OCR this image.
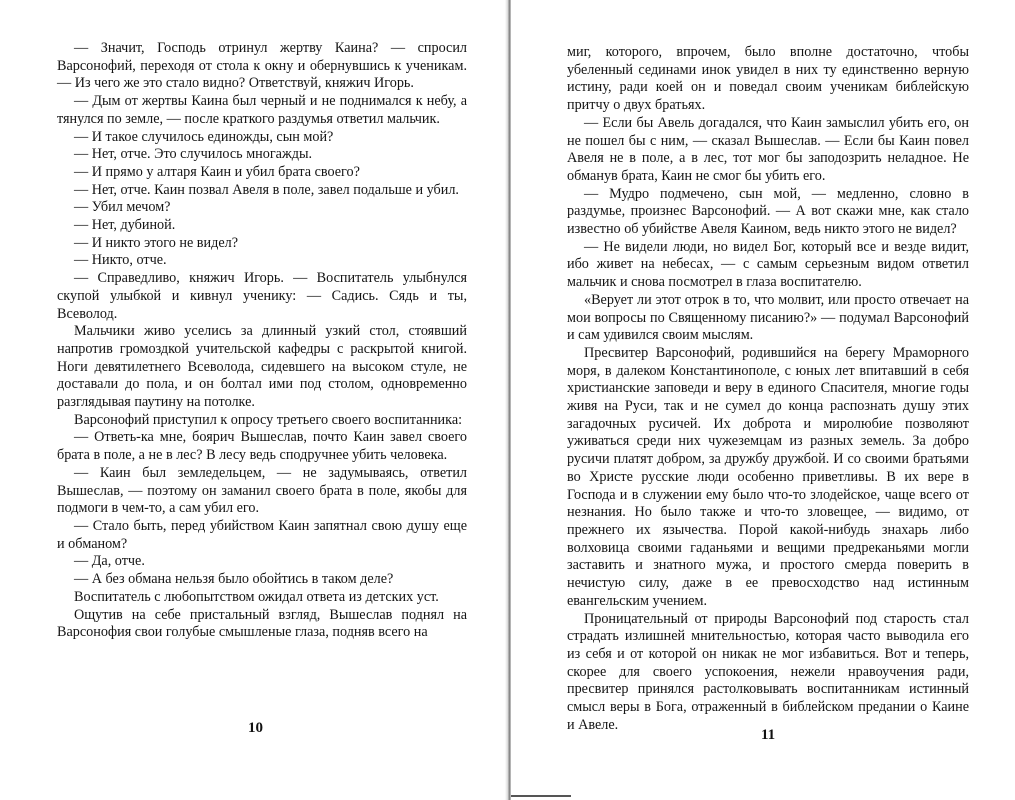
— Значит, Господь отринул жертву Каина? — спросил Варсонофий, переходя от стола к окну и обернувшись к ученикам. — Из чего же это стало видно? Ответствуй, княжич Игорь.

— Дым от жертвы Каина был черный и не поднимался к небу, а тянулся по земле, — после краткого раздумья ответил мальчик.

— И такое случилось единожды, сын мой?

— Нет, отче. Это случилось многажды.

— И прямо у алтаря Каин и убил брата своего?

— Нет, отче. Каин позвал Авеля в поле, завел подальше и убил.

— Убил мечом?

— Нет, дубиной.

— И никто этого не видел?

— Никто, отче.

— Справедливо, княжич Игорь. — Воспитатель улыбнулся скупой улыбкой и кивнул ученику: — Садись. Сядь и ты, Всеволод.

Мальчики живо уселись за длинный узкий стол, стоявший напротив громоздкой учительской кафедры с раскрытой книгой. Ноги девятилетнего Всеволода, сидевшего на высоком стуле, не доставали до пола, и он болтал ими под столом, одновременно разглядывая паутину на потолке.

Варсонофий приступил к опросу третьего своего воспитанника:

— Ответь-ка мне, боярич Вышеслав, почто Каин завел своего брата в поле, а не в лес? В лесу ведь сподручнее убить человека.

— Каин был земледельцем, — не задумываясь, ответил Вышеслав, — поэтому он заманил своего брата в поле, якобы для подмоги в чем-то, а сам убил его.

— Стало быть, перед убийством Каин запятнал свою душу еще и обманом?

— Да, отче.

— А без обмана нельзя было обойтись в таком деле?

Воспитатель с любопытством ожидал ответа из детских уст.

Ощутив на себе пристальный взгляд, Вышеслав поднял на Варсонофия свои голубые смышленые глаза, подняв всего на

10

миг, которого, впрочем, было вполне достаточно, чтобы убеленный сединами инок увидел в них ту единственно верную истину, ради коей он и поведал своим ученикам библейскую притчу о двух братьях.

— Если бы Авель догадался, что Каин замыслил убить его, он не пошел бы с ним, — сказал Вышеслав. — Если бы Каин повел Авеля не в поле, а в лес, тот мог бы заподозрить неладное. Не обманув брата, Каин не смог бы убить его.

— Мудро подмечено, сын мой, — медленно, словно в раздумье, произнес Варсонофий. — А вот скажи мне, как стало известно об убийстве Авеля Каином, ведь никто этого не видел?

— Не видели люди, но видел Бог, который все и везде видит, ибо живет на небесах, — с самым серьезным видом ответил мальчик и снова посмотрел в глаза воспитателю.

«Верует ли этот отрок в то, что молвит, или просто отвечает на мои вопросы по Священному писанию?» — подумал Варсонофий и сам удивился своим мыслям.

Пресвитер Варсонофий, родившийся на берегу Мраморного моря, в далеком Константинополе, с юных лет впитавший в себя христианские заповеди и веру в единого Спасителя, многие годы живя на Руси, так и не сумел до конца распознать душу этих загадочных русичей. Их доброта и миролюбие позволяют уживаться среди них чужеземцам из разных земель. За добро русичи платят добром, за дружбу дружбой. И со своими братьями во Христе русские люди особенно приветливы. В их вере в Господа и в служении ему было что-то злодейское, чаще всего от незнания. Но было также и что-то зловещее, — видимо, от прежнего их язычества. Порой какой-нибудь знахарь либо волховица своими гаданьями и вещими предреканьями могли заставить и знатного мужа, и простого смерда поверить в нечистую силу, даже в ее превосходство над истинным евангельским учением.

Проницательный от природы Варсонофий под старость стал страдать излишней мнительностью, которая часто выводила его из себя и от которой он никак не мог избавиться. Вот и теперь, скорее для своего успокоения, нежели нравоучения ради, пресвитер принялся растолковывать воспитанникам истинный смысл веры в Бога, отраженный в библейском предании о Каине и Авеле.

11
